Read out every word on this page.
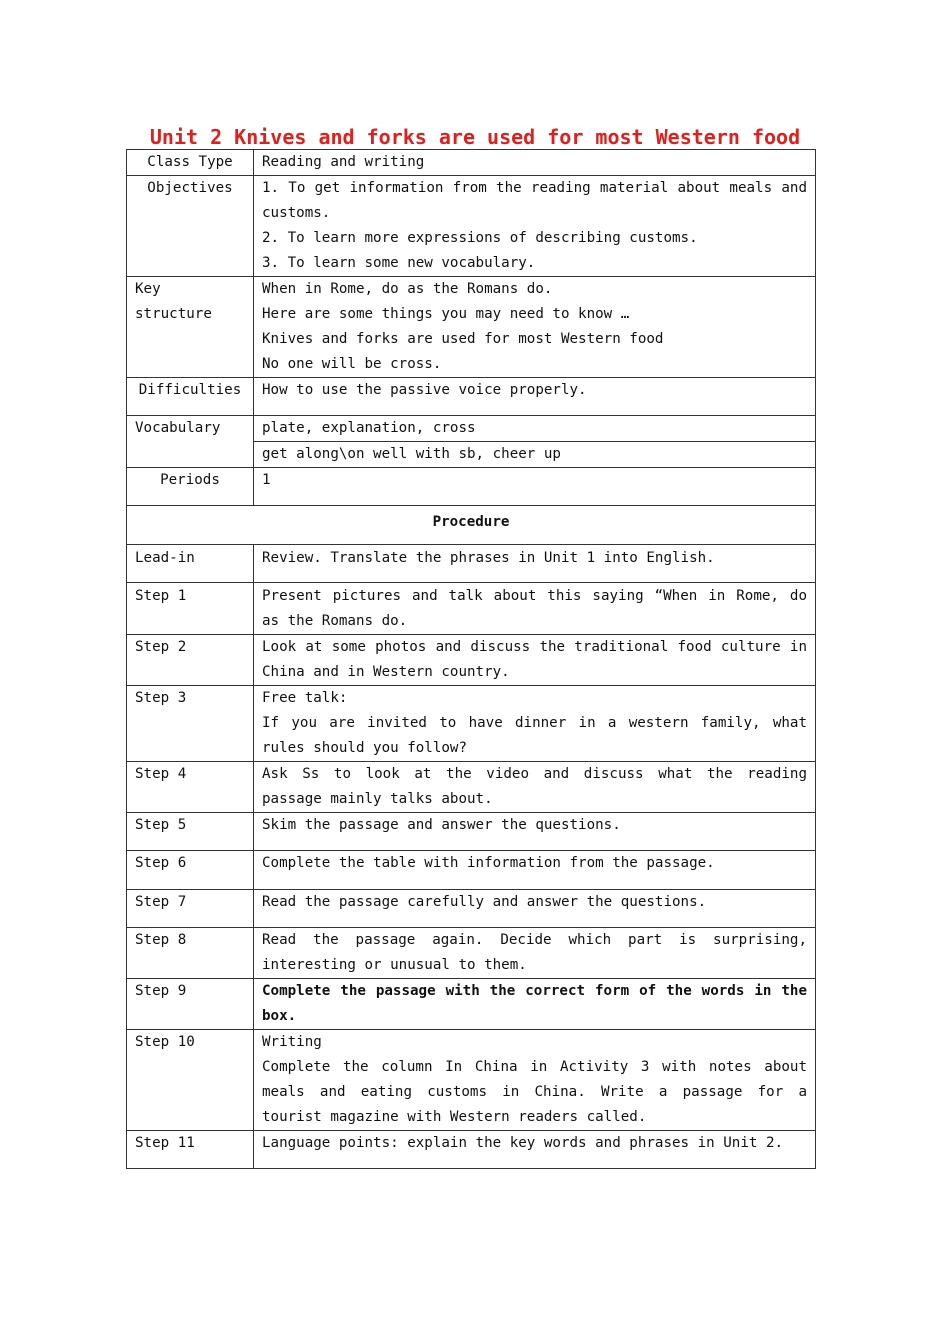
Unit 2 Knives and forks are used for most Western food
Class Type	Reading and writing
Objectives	1. To get information from the reading material about meals and customs.
2. To learn more expressions of describing customs.
3. To learn some new vocabulary.

Key structure	When in Rome, do as the Romans do.
Here are some things you may need to know …
Knives and forks are used for most Western food
No one will be cross.

Difficulties	How to use the passive voice properly.
Vocabulary	plate, explanation, cross
	get along\on well with sb, cheer up
Periods	1
Procedure	
Lead-in	Review. Translate the phrases in Unit 1 into English.
Step 1	Present pictures and talk about this saying “When in Rome, do as the Romans do.
Step 2	Look at some photos and discuss the traditional food culture in China and in Western country.
Step 3	Free talk:
If you are invited to have dinner in a western family, what rules should you follow?

Step 4	Ask Ss to look at the video and discuss what the reading passage mainly talks about.
Step 5	Skim the passage and answer the questions.
Step 6	Complete the table with information from the passage.
Step 7	Read the passage carefully and answer the questions.
Step 8	Read the passage again. Decide which part is surprising, interesting or unusual to them.
Step 9	Complete the passage with the correct form of the words in the box.
Step 10	Writing
Complete the column In China in Activity 3 with notes about meals and eating customs in China. Write a passage for a tourist magazine with Western readers called.

Step 11	Language points: explain the key words and phrases in Unit 2.
